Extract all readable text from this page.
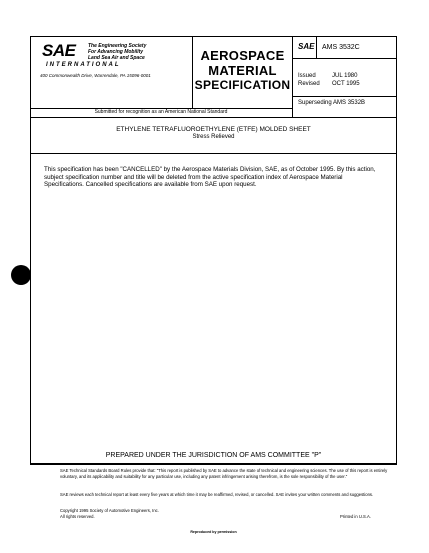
SAE	The Engineering Society
For Advancing Mobility
Land Sea Air and Space
INTERNATIONAL
400 Commonwealth Drive, Warrendale, PA 15096-0001
AEROSPACE
MATERIAL
SPECIFICATION
Submitted for recognition as an American National Standard
SAE AMS 3532C
Issued	JUL 1980
Revised OCT 1995
Superseding AMS 3532B
ETHYLENE TETRAFLUOROETHYLENE (ETFE) MOLDED SHEET
Stress Relieved
This specification has been "CANCELLED" by the Aerospace Materials Division, SAE, as of October 1995. By this action, subject specification number and title will be deleted from the active specification index of Aerospace Material Specifications. Cancelled specifications are available from SAE upon request.
PREPARED UNDER THE JURISDICTION OF AMS COMMITTEE "P"
SAE Technical Standards Board Rules provide that: "This report is published by SAE to advance the state of technical and engineering sciences. The use of this report is entirely voluntary, and its applicability and suitability for any particular use, including any patent infringement arising therefrom, is the sole responsibility of the user."
SAE reviews each technical report at least every five years at which time it may be reaffirmed, revised, or cancelled. SAE invites your written comments and suggestions.
Copyright 1995 Society of Automotive Engineers, Inc.
All rights reserved.	Printed in U.S.A.
Reproduced by permission
